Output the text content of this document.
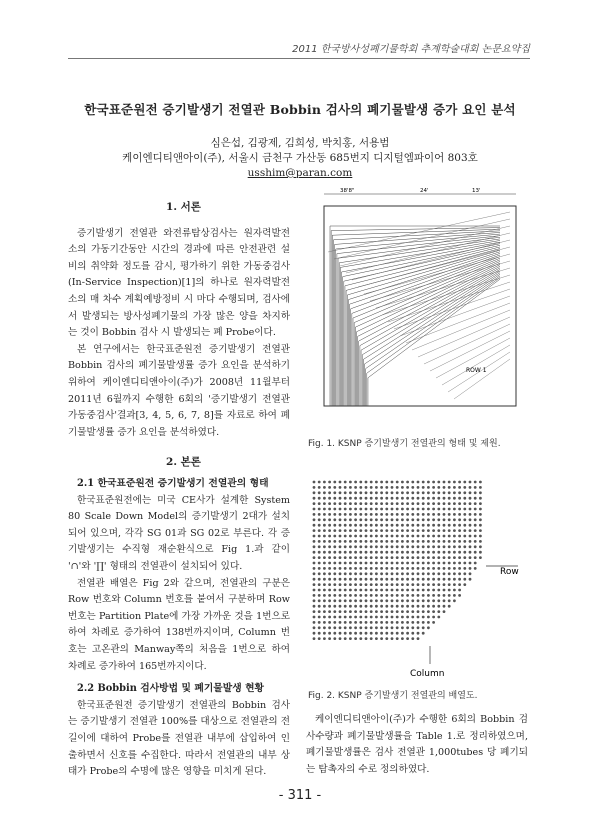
2011 한국방사성폐기물학회 추계학술대회 논문요약집
한국표준원전 증기발생기 전열관 Bobbin 검사의 폐기물발생 증가 요인 분석
심은섭, 김광제, 김희성, 박치홍, 서용범
케이엔디티앤아이(주), 서울시 금천구 가산동 685번지 디지털엠파이어 803호
usshim@paran.com

1. 서론

증기발생기 전열관 와전류탐상검사는 원자력발전소의 가동기간동안 시간의 경과에 따른 안전관련 설비의 취약화 정도를 감시, 평가하기 위한 가동중검사(In-Service Inspection)[1]의 하나로 원자력발전소의 매 차수 계획예방정비 시 마다 수행되며, 검사에서 발생되는 방사성폐기물의 가장 많은 양을 차지하는 것이 Bobbin 검사 시 발생되는 폐 Probe이다.

본 연구에서는 한국표준원전 증기발생기 전열관 Bobbin 검사의 폐기물발생률 증가 요인을 분석하기 위하여 케이엔디티앤아이(주)가 2008년 11월부터 2011년 6월까지 수행한 6회의 '증기발생기 전열관 가동중검사'결과[3, 4, 5, 6, 7, 8]를 자료로 하여 폐기물발생률 증가 요인을 분석하였다.

2. 본론

2.1 한국표준원전 증기발생기 전열관의 형태

한국표준원전에는 미국 CE사가 설계한 System 80 Scale Down Model의 증기발생기 2대가 설치되어 있으며, 각각 SG 01과 SG 02로 부른다. 각 증기발생기는 수직형 재순환식으로 Fig 1.과 같이 '∩'와 '∏' 형태의 전열관이 설치되어 있다.

전열관 배열은 Fig 2와 같으며, 전열관의 구분은 Row 번호와 Column 번호를 붙여서 구분하며 Row 번호는 Partition Plate에 가장 가까운 것을 1번으로 하여 차례로 증가하여 138번까지이며, Column 번호는 고온관의 Manway쪽의 처음을 1번으로 하여 차례로 증가하여 165번까지이다.

2.2 Bobbin 검사방법 및 폐기물발생 현황

한국표준원전 증기발생기 전열관의 Bobbin 검사는 증기발생기 전열관 100%를 대상으로 전열관의 전 길이에 대하여 Probe를 전열관 내부에 삽입하여 인출하면서 신호를 수집한다. 따라서 전열관의 내부 상태가 Probe의 수명에 많은 영향을 미치게 된다.

38'8"	24'	13'
ROW 1
Fig. 1. KSNP 증기발생기 전열관의 형태 및 제원.
Row
Column
Fig. 2. KSNP 증기발생기 전열관의 배열도.

케이엔디티앤아이(주)가 수행한 6회의 Bobbin 검사수량과 폐기물발생률을 Table 1.로 정리하였으며, 폐기물발생률은 검사 전열관 1,000tubes 당 폐기되는 탐촉자의 수로 정의하였다.

- 311 -
